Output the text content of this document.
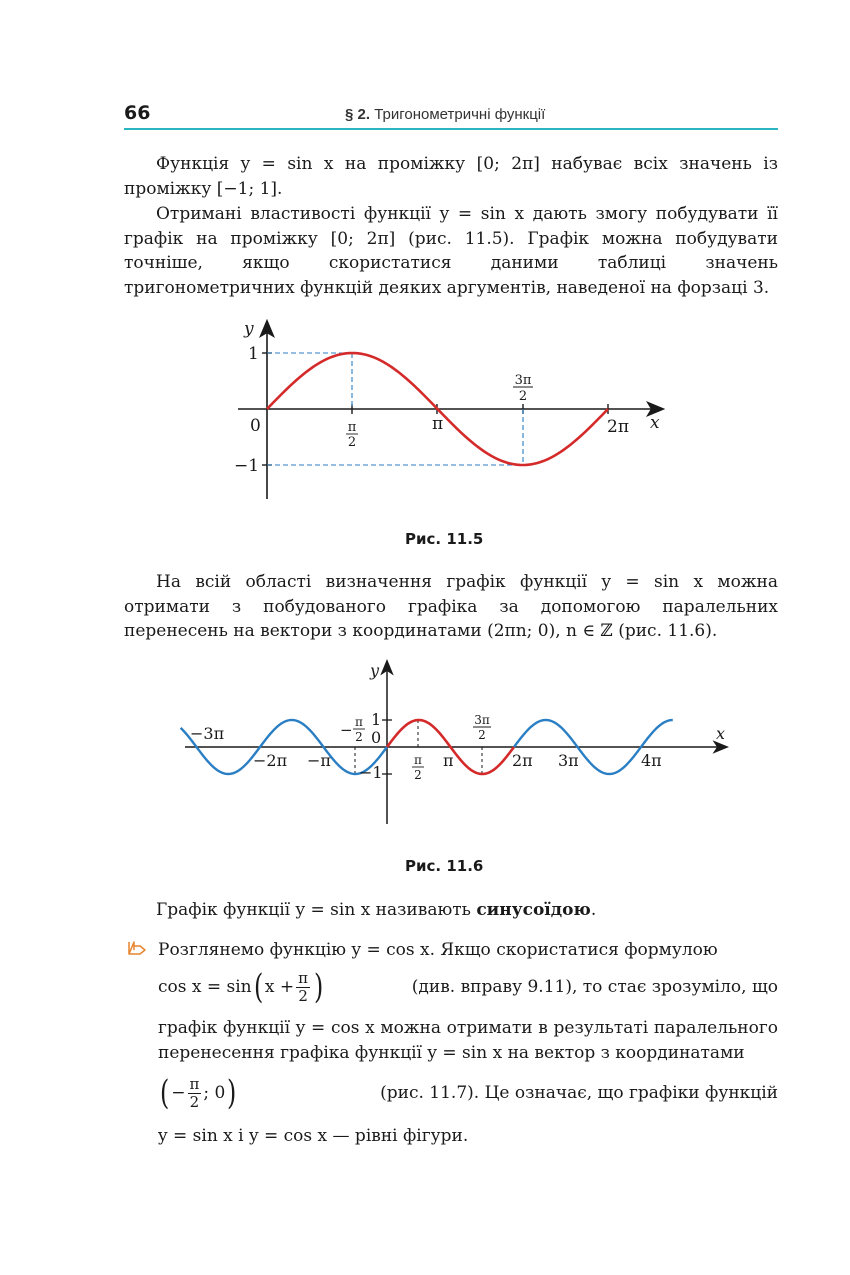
66	§ 2. Тригонометричні функції
Функція y = sin x на проміжку [0; 2π] набуває всіх значень із проміжку [−1; 1].
Отримані властивості функції y = sin x дають змогу побудувати її графік на проміжку [0; 2π] (рис. 11.5). Графік можна побудувати точніше, якщо скористатися даними таблиці значень тригонометричних функцій деяких аргументів, наведеної на форзаці 3.
y
x
1
−1
0	π
2
π
3π
2
2π
Рис. 11.5
На всій області визначення графік функції y = sin x можна отримати з побудованого графіка за допомогою паралельних перенесень на вектори з координатами (2πn; 0), n ∈ ℤ (рис. 11.6).
y
x
−3π
−2π −π
− π
2
1
0
−1
π
2
π
3π
2
2π 3π	4π
Рис. 11.6
Графік функції y = sin x називають синусоїдою.
Розглянемо функцію y = cos x. Якщо скористатися формулою
cos x = sin ( $x + \frac{\pi}{2}$ )	(див. вправу 9.11), то стає зрозуміло, що
графік функції y = cos x можна отримати в результаті паралельного перенесення графіка функції y = sin x на вектор з координатами
( − $\frac{\pi}{2}$ ; 0 )	(рис. 11.7). Це означає, що графіки функцій
y = sin x і y = cos x — рівні фігури.
